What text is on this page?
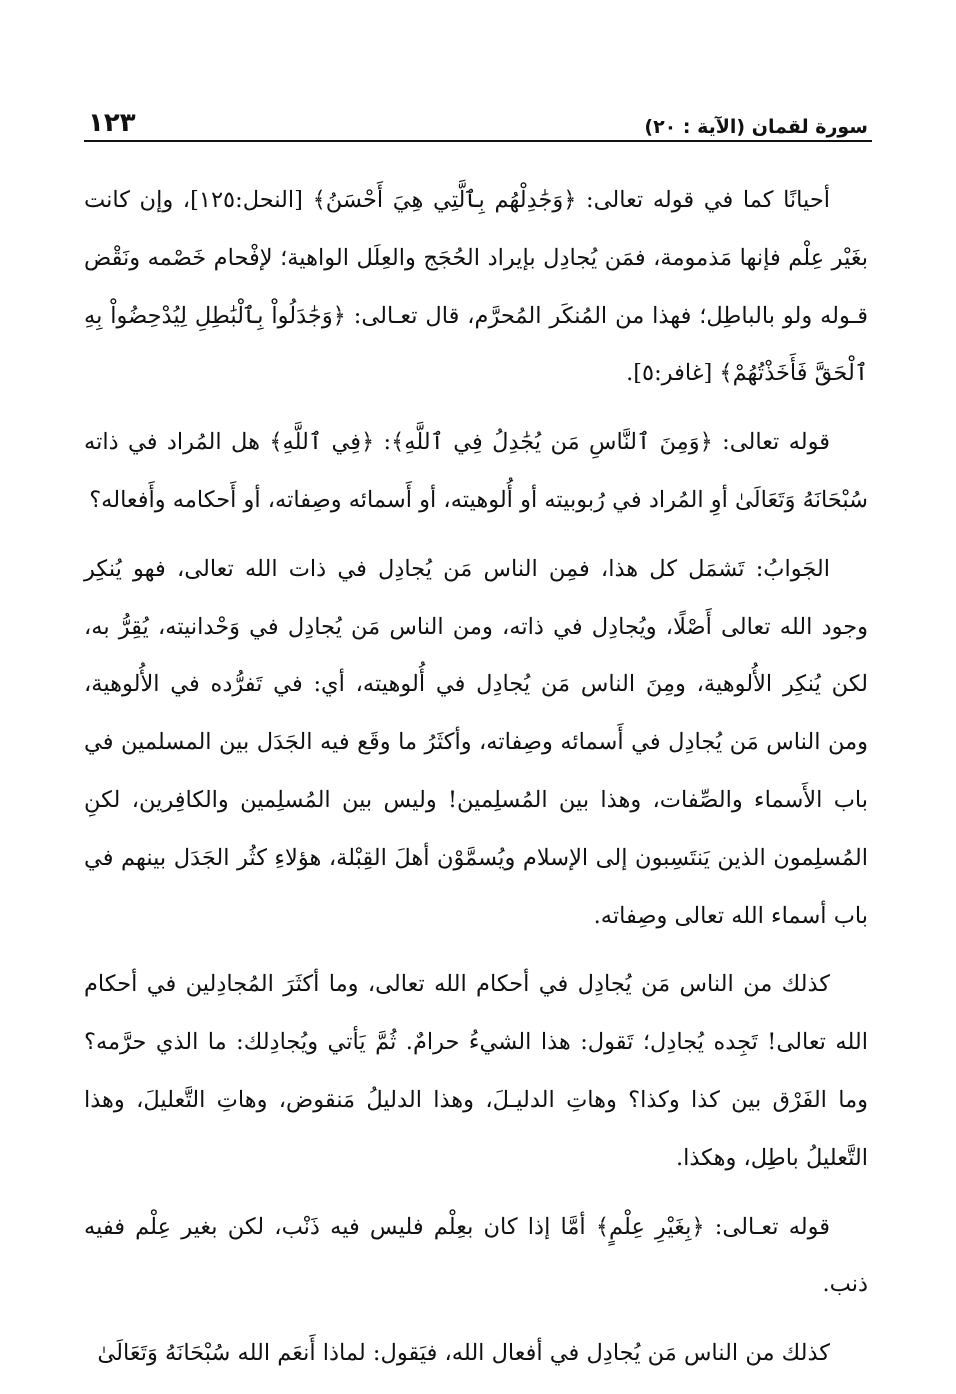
سورة لقمان (الآية : ٢٠)
١٢٣

أحيانًا كما في قوله تعالى: ﴿وَجَٰدِلْهُم بِٱلَّتِي هِيَ أَحْسَنُ﴾ [النحل:١٢٥]، وإن كانت بغَيْر عِلْم فإنها مَذمومة، فمَن يُجادِل بإيراد الحُجَج والعِلَل الواهية؛ لإفْحام خَصْمه ونَقْض قـوله ولو بالباطِل؛ فهذا من المُنكَر المُحرَّم، قال تعـالى: ﴿وَجَٰدَلُواْ بِٱلْبَٰطِلِ لِيُدْحِضُواْ بِهِ ٱلْحَقَّ فَأَخَذْتُهُمْ﴾ [غافر:٥].

قوله تعالى: ﴿وَمِنَ ٱلنَّاسِ مَن يُجَٰدِلُ فِي ٱللَّهِ﴾: ﴿فِي ٱللَّهِ﴾ هل المُراد في ذاته سُبْحَانَهُ وَتَعَالَىٰ أوِ المُراد في رُبوبيته أو أُلوهيته، أو أَسمائه وصِفاته، أو أَحكامه وأَفعاله؟

الجَوابُ: تَشمَل كل هذا، فمِن الناس مَن يُجادِل في ذات الله تعالى، فهو يُنكِر وجود الله تعالى أَصْلًا، ويُجادِل في ذاته، ومن الناس مَن يُجادِل في وَحْدانيته، يُقِرُّ به، لكن يُنكِر الأُلوهية، ومِنَ الناس مَن يُجادِل في أُلوهيته، أي: في تَفرُّده في الأُلوهية، ومن الناس مَن يُجادِل في أَسمائه وصِفاته، وأكثَرُ ما وقَع فيه الجَدَل بين المسلمين في باب الأَسماء والصِّفات، وهذا بين المُسلِمين! وليس بين المُسلِمين والكافِرين، لكنِ المُسلِمون الذين يَنتَسِبون إلى الإسلام ويُسمَّوْن أهلَ القِبْلة، هؤلاءِ كثُر الجَدَل بينهم في باب أسماء الله تعالى وصِفاته.

كذلك من الناس مَن يُجادِل في أحكام الله تعالى، وما أكثَرَ المُجادِلين في أحكام الله تعالى! تَجِده يُجادِل؛ تَقول: هذا الشيءُ حرامٌ. ثُمَّ يَأتي ويُجادِلك: ما الذي حرَّمه؟ وما الفَرْق بين كذا وكذا؟ وهاتِ الدليـلَ، وهذا الدليلُ مَنقوض، وهاتِ التَّعليلَ، وهذا التَّعليلُ باطِل، وهكذا.

قوله تعـالى: ﴿بِغَيْرِ عِلْمٍ﴾ أمَّا إذا كان بعِلْم فليس فيه ذَنْب، لكن بغير عِلْم ففيه ذنب.

كذلك من الناس مَن يُجادِل في أفعال الله، فيَقول: لماذا أَنعَم الله سُبْحَانَهُ وَتَعَالَىٰ
